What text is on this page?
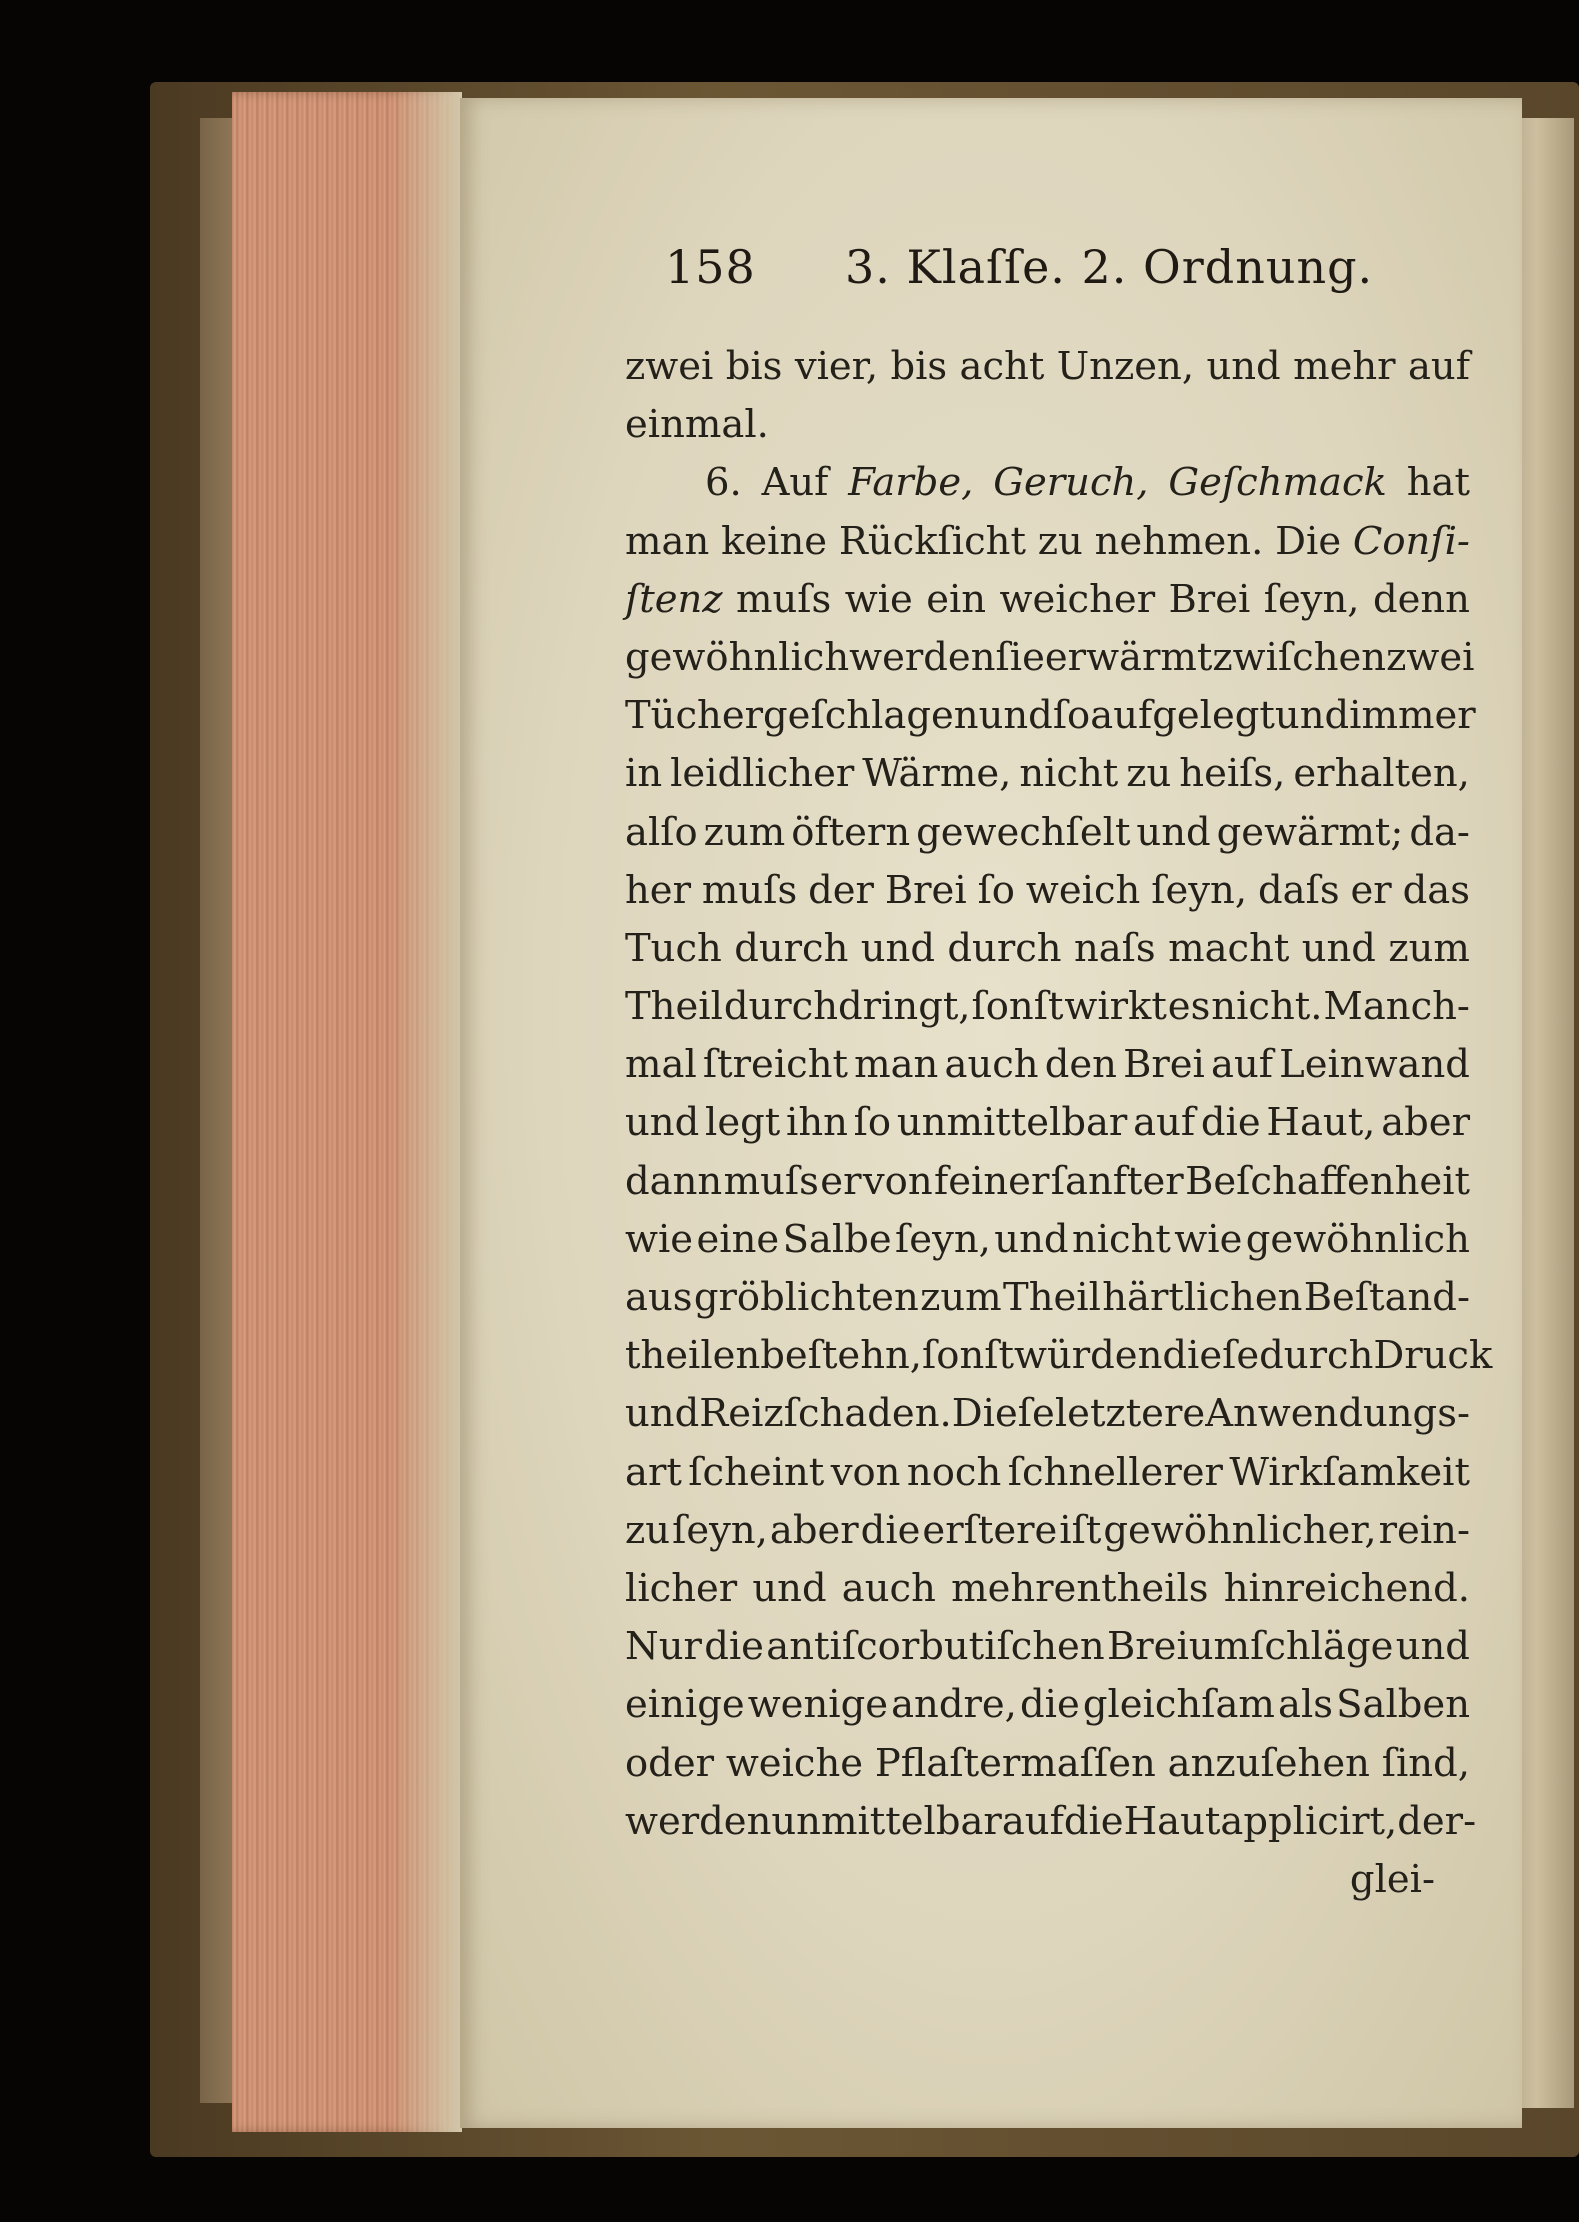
158 3. Klaſſe. 2. Ordnung.
zwei bis vier, bis acht Unzen, und mehr auf
einmal.
6. Auf Farbe, Geruch, Geſchmack hat
man keine Rückſicht zu nehmen. Die Conſi-
ſtenz muſs wie ein weicher Brei ſeyn, denn
gewöhnlich werden ſie erwärmt zwiſchen zwei
Tücher geſchlagen und ſo aufgelegt und immer
in leidlicher Wärme, nicht zu heiſs, erhalten,
alſo zum öftern gewechſelt und gewärmt; da-
her muſs der Brei ſo weich ſeyn, daſs er das
Tuch durch und durch naſs macht und zum
Theil durchdringt, ſonſt wirkt es nicht. Manch-
mal ſtreicht man auch den Brei auf Leinwand
und legt ihn ſo unmittelbar auf die Haut, aber
dann muſs er von feiner ſanfter Beſchaffenheit
wie eine Salbe ſeyn, und nicht wie gewöhnlich
aus gröblichten zum Theil härtlichen Beſtand-
theilen beſtehn, ſonſt würden dieſe durch Druck
und Reiz ſchaden. Dieſe letztere Anwendungs-
art ſcheint von noch ſchnellerer Wirkſamkeit
zu ſeyn, aber die erſtere iſt gewöhnlicher, rein-
licher und auch mehrentheils hinreichend.
Nur die antiſcorbutiſchen Breiumſchläge und
einige wenige andre, die gleichſam als Salben
oder weiche Pflaſtermaſſen anzuſehen ſind,
werden unmittelbar auf die Haut applicirt, der-
glei-
